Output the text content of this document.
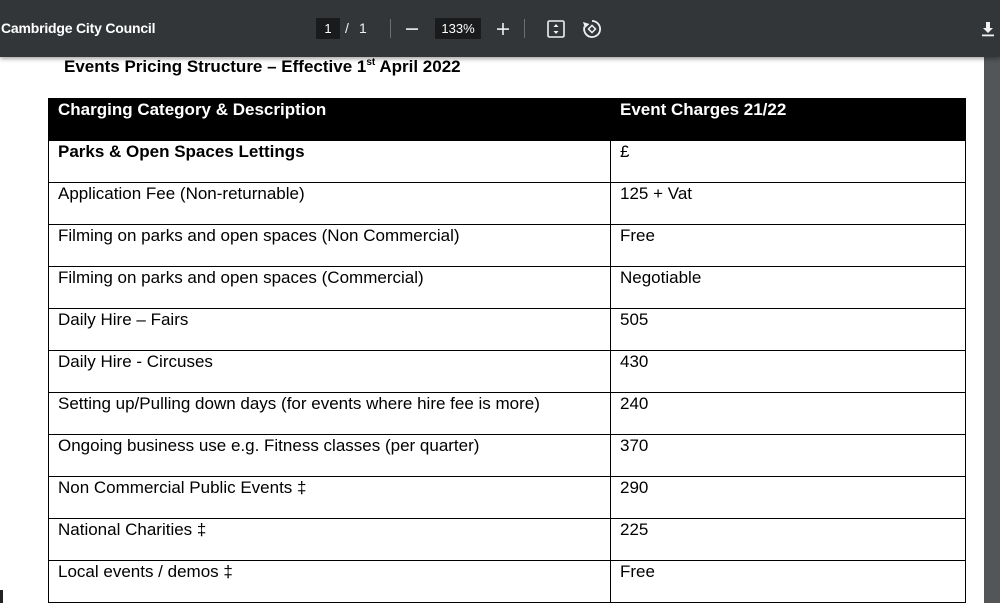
Cambridge City Council	1 / 1	133%
Events Pricing Structure – Effective 1st April 2022
Charging Category & Description	Event Charges 21/22
Parks & Open Spaces Lettings	£
Application Fee (Non-returnable)	125 + Vat
Filming on parks and open spaces (Non Commercial)	Free
Filming on parks and open spaces (Commercial)	Negotiable
Daily Hire – Fairs	505
Daily Hire - Circuses	430
Setting up/Pulling down days (for events where hire fee is more)	240
Ongoing business use e.g. Fitness classes (per quarter)	370
Non Commercial Public Events ‡	290
National Charities ‡	225
Local events / demos ‡	Free
